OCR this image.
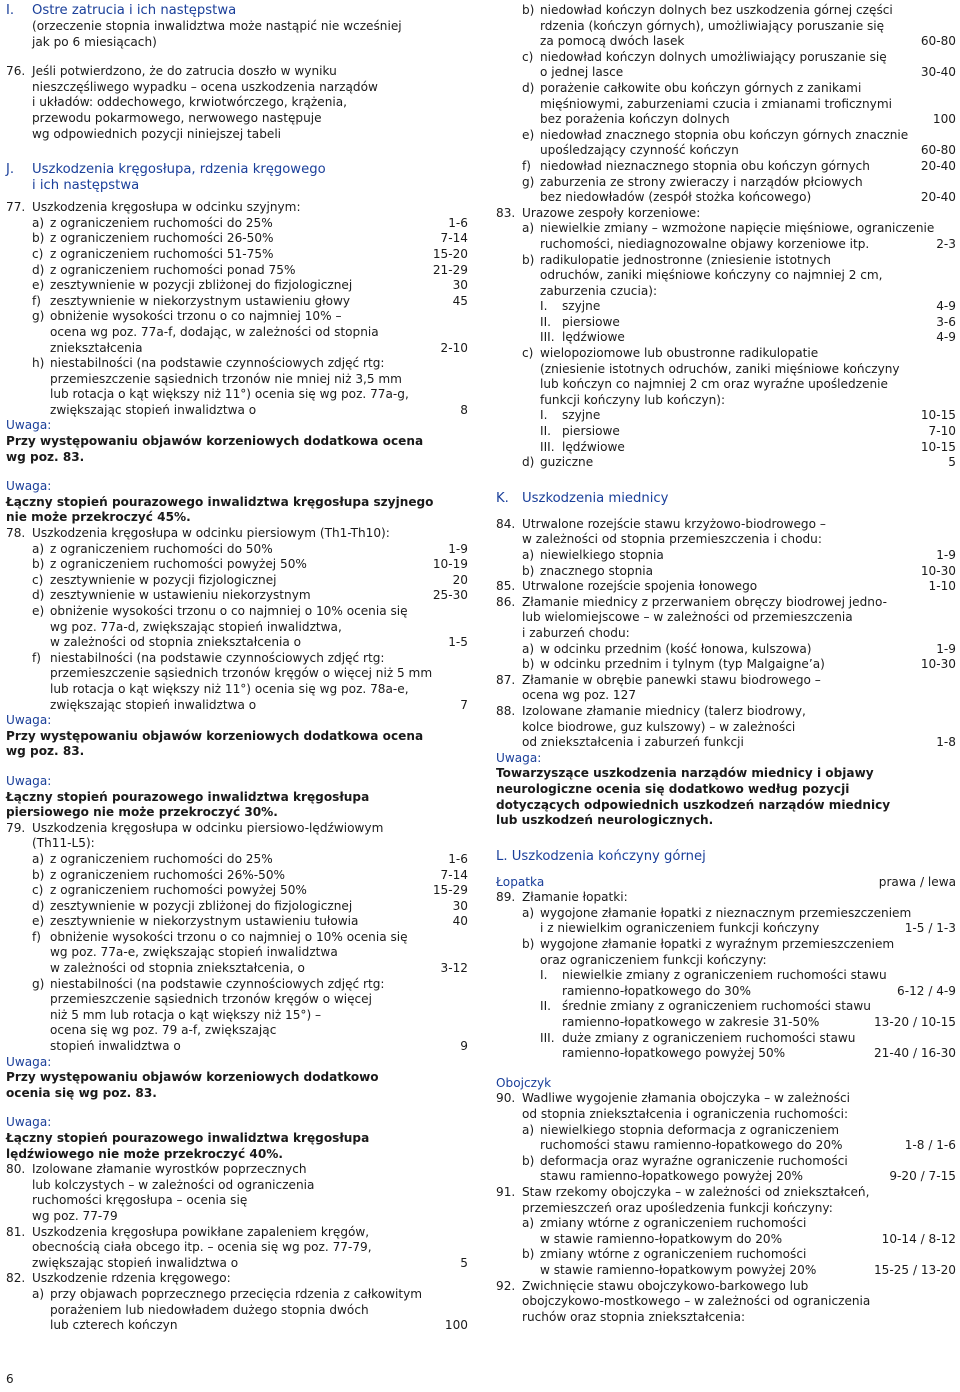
I.	Ostre zatrucia i ich następstwa
(orzeczenie stopnia inwalidztwa może nastąpić nie wcześniej
jak po 6 miesiącach)
76. Jeśli potwierdzono, że do zatrucia doszło w wyniku
nieszczęśliwego wypadku – ocena uszkodzenia narządów
i układów: oddechowego, krwiotwórczego, krążenia,
przewodu pokarmowego, nerwowego następuje
wg odpowiednich pozycji niniejszej tabeli
J.	Uszkodzenia kręgosłupa, rdzenia kręgowego
i ich następstwa
77. Uszkodzenia kręgosłupa w odcinku szyjnym:
a) z ograniczeniem ruchomości do 25%	1-6
b) z ograniczeniem ruchomości 26-50%	7-14
c) z ograniczeniem ruchomości 51-75%	15-20
d) z ograniczeniem ruchomości ponad 75%	21-29
e) zesztywnienie w pozycji zbliżonej do fizjologicznej	30
f) zesztywnienie w niekorzystnym ustawieniu głowy	45
g) obniżenie wysokości trzonu o co najmniej 10% –
ocena wg poz. 77a-f, dodając, w zależności od stopnia
zniekształcenia	2-10
h) niestabilności (na podstawie czynnościowych zdjęć rtg:
przemieszczenie sąsiednich trzonów nie mniej niż 3,5 mm
lub rotacja o kąt większy niż 11°) ocenia się wg poz. 77a-g,
zwiększając stopień inwalidztwa o	8
Uwaga:
Przy występowaniu objawów korzeniowych dodatkowa ocena
wg poz. 83.
Uwaga:
Łączny stopień pourazowego inwalidztwa kręgosłupa szyjnego
nie może przekroczyć 45%.
78. Uszkodzenia kręgosłupa w odcinku piersiowym (Th1-Th10):
a) z ograniczeniem ruchomości do 50%	1-9
b) z ograniczeniem ruchomości powyżej 50%	10-19
c) zesztywnienie w pozycji fizjologicznej	20
d) zesztywnienie w ustawieniu niekorzystnym	25-30
e) obniżenie wysokości trzonu o co najmniej o 10% ocenia się
wg poz. 77a-d, zwiększając stopień inwalidztwa,
w zależności od stopnia zniekształcenia o	1-5
f) niestabilności (na podstawie czynnościowych zdjęć rtg:
przemieszczenie sąsiednich trzonów kręgów o więcej niż 5 mm
lub rotacja o kąt większy niż 11°) ocenia się wg poz. 78a-e,
zwiększając stopień inwalidztwa o	7
Uwaga:
Przy występowaniu objawów korzeniowych dodatkowa ocena
wg poz. 83.
Uwaga:
Łączny stopień pourazowego inwalidztwa kręgosłupa
piersiowego nie może przekroczyć 30%.
79. Uszkodzenia kręgosłupa w odcinku piersiowo-lędźwiowym
(Th11-L5):
a) z ograniczeniem ruchomości do 25%	1-6
b) z ograniczeniem ruchomości 26%-50%	7-14
c) z ograniczeniem ruchomości powyżej 50%	15-29
d) zesztywnienie w pozycji zbliżonej do fizjologicznej	30
e) zesztywnienie w niekorzystnym ustawieniu tułowia	40
f) obniżenie wysokości trzonu o co najmniej o 10% ocenia się
wg poz. 77a-e, zwiększając stopień inwalidztwa
w zależności od stopnia zniekształcenia, o	3-12
g) niestabilności (na podstawie czynnościowych zdjęć rtg:
przemieszczenie sąsiednich trzonów kręgów o więcej
niż 5 mm lub rotacja o kąt większy niż 15°) –
ocena się wg poz. 79 a-f, zwiększając
stopień inwalidztwa o	9
Uwaga:
Przy występowaniu objawów korzeniowych dodatkowo
ocenia się wg poz. 83.
Uwaga:
Łączny stopień pourazowego inwalidztwa kręgosłupa
lędźwiowego nie może przekroczyć 40%.
80. Izolowane złamanie wyrostków poprzecznych
lub kolczystych – w zależności od ograniczenia
ruchomości kręgosłupa – ocenia się
wg poz. 77-79
81. Uszkodzenia kręgosłupa powikłane zapaleniem kręgów,
obecnością ciała obcego itp. – ocenia się wg poz. 77-79,
zwiększając stopień inwalidztwa o	5
82. Uszkodzenie rdzenia kręgowego:
a) przy objawach poprzecznego przecięcia rdzenia z całkowitym
porażeniem lub niedowładem dużego stopnia dwóch
lub czterech kończyn	100
b) niedowład kończyn dolnych bez uszkodzenia górnej części
rdzenia (kończyn górnych), umożliwiający poruszanie się
za pomocą dwóch lasek	60-80
c) niedowład kończyn dolnych umożliwiający poruszanie się
o jednej lasce	30-40
d) porażenie całkowite obu kończyn górnych z zanikami
mięśniowymi, zaburzeniami czucia i zmianami troficznymi
bez porażenia kończyn dolnych	100
e) niedowład znacznego stopnia obu kończyn górnych znacznie
upośledzający czynność kończyn	60-80
f) niedowład nieznacznego stopnia obu kończyn górnych	20-40
g) zaburzenia ze strony zwieraczy i narządów płciowych
bez niedowładów (zespół stożka końcowego)	20-40
83. Urazowe zespoły korzeniowe:
a) niewielkie zmiany – wzmożone napięcie mięśniowe, ograniczenie
ruchomości, niediagnozowalne objawy korzeniowe itp.	2-3
b) radikulopatie jednostronne (zniesienie istotnych
odruchów, zaniki mięśniowe kończyny co najmniej 2 cm,
zaburzenia czucia):
I.	szyjne	4-9
II. piersiowe	3-6
III. lędźwiowe	4-9
c) wielopoziomowe lub obustronne radikulopatie
(zniesienie istotnych odruchów, zaniki mięśniowe kończyny
lub kończyn co najmniej 2 cm oraz wyraźne upośledzenie
funkcji kończyny lub kończyn):
I.	szyjne	10-15
II. piersiowe	7-10
III. lędźwiowe	10-15
d) guziczne	5
K. Uszkodzenia miednicy
84. Utrwalone rozejście stawu krzyżowo-biodrowego –
w zależności od stopnia przemieszczenia i chodu:
a) niewielkiego stopnia	1-9
b) znacznego stopnia	10-30
85. Utrwalone rozejście spojenia łonowego	1-10
86. Złamanie miednicy z przerwaniem obręczy biodrowej jedno-
lub wielomiejscowe – w zależności od przemieszczenia
i zaburzeń chodu:
a) w odcinku przednim (kość łonowa, kulszowa)	1-9
b) w odcinku przednim i tylnym (typ Malgaigne’a)	10-30
87. Złamanie w obrębie panewki stawu biodrowego –
ocena wg poz. 127
88. Izolowane złamanie miednicy (talerz biodrowy,
kolce biodrowe, guz kulszowy) – w zależności
od zniekształcenia i zaburzeń funkcji	1-8
Uwaga:
Towarzyszące uszkodzenia narządów miednicy i objawy
neurologiczne ocenia się dodatkowo według pozycji
dotyczących odpowiednich uszkodzeń narządów miednicy
lub uszkodzeń neurologicznych.
L. Uszkodzenia kończyny górnej
Łopatka	prawa / lewa
89. Złamanie łopatki:
a) wygojone złamanie łopatki z nieznacznym przemieszczeniem
i z niewielkim ograniczeniem funkcji kończyny	1-5 / 1-3
b) wygojone złamanie łopatki z wyraźnym przemieszczeniem
oraz ograniczeniem funkcji kończyny:
I.	niewielkie zmiany z ograniczeniem ruchomości stawu
ramienno-łopatkowego do 30%	6-12 / 4-9
II. średnie zmiany z ograniczeniem ruchomości stawu
ramienno-łopatkowego w zakresie 31-50%	13-20 / 10-15
III. duże zmiany z ograniczeniem ruchomości stawu
ramienno-łopatkowego powyżej 50%	21-40 / 16-30
Obojczyk
90. Wadliwe wygojenie złamania obojczyka – w zależności
od stopnia zniekształcenia i ograniczenia ruchomości:
a) niewielkiego stopnia deformacja z ograniczeniem
ruchomości stawu ramienno-łopatkowego do 20%	1-8 / 1-6
b) deformacja oraz wyraźne ograniczenie ruchomości
stawu ramienno-łopatkowego powyżej 20%	9-20 / 7-15
91. Staw rzekomy obojczyka – w zależności od zniekształceń,
przemieszczeń oraz upośledzenia funkcji kończyny:
a) zmiany wtórne z ograniczeniem ruchomości
w stawie ramienno-łopatkowym do 20%	10-14 / 8-12
b) zmiany wtórne z ograniczeniem ruchomości
w stawie ramienno-łopatkowym powyżej 20%	15-25 / 13-20
92. Zwichnięcie stawu obojczykowo-barkowego lub
obojczykowo-mostkowego – w zależności od ograniczenia
ruchów oraz stopnia zniekształcenia:
6
